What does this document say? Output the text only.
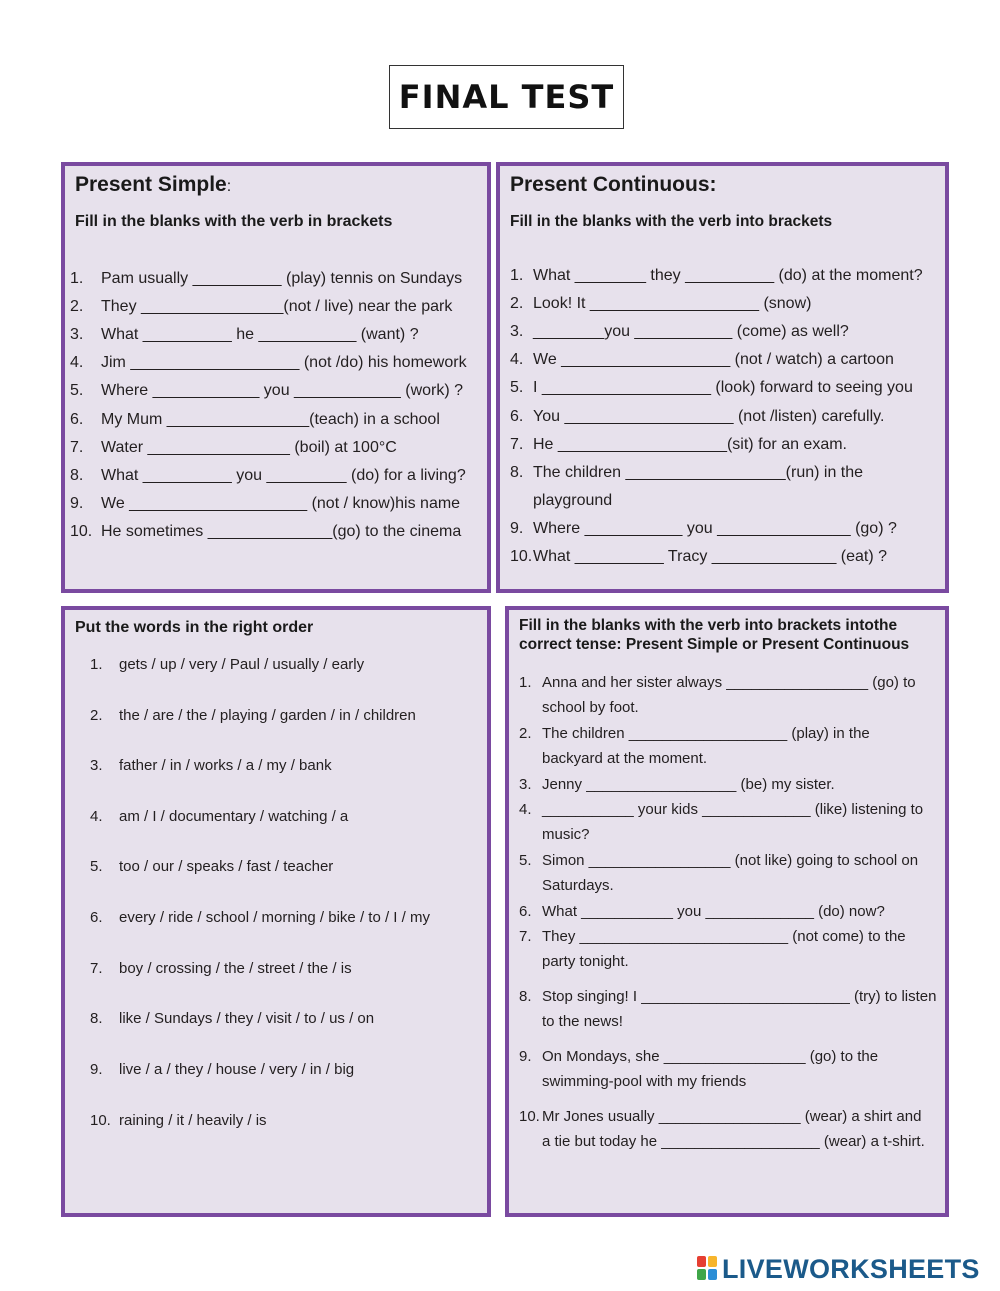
FINAL TEST
Present Simple:
Fill in the blanks with the verb in brackets
1. Pam usually __________ (play) tennis on Sundays
2. They ________________(not / live) near the park
3. What __________ he ___________ (want) ?
4. Jim ___________________ (not /do) his homework
5. Where ____________ you ____________ (work) ?
6. My Mum ________________(teach) in a school
7. Water ________________ (boil) at 100°C
8. What __________ you _________ (do) for a living?
9. We ____________________ (not / know)his name
10. He sometimes ______________(go) to the cinema
Present Continuous:
Fill in the blanks with the verb into brackets
1. What ________ they __________ (do) at the moment?
2. Look! It ___________________ (snow)
3. ________you ___________ (come) as well?
4. We ___________________ (not / watch) a cartoon
5. I ___________________ (look) forward to seeing you
6. You ___________________ (not /listen) carefully.
7. He ___________________(sit) for an exam.
8. The children __________________(run) in the
playground
9. Where ___________ you _______________ (go) ?
10. What __________ Tracy ______________ (eat) ?
Put the words in the right order
1. gets / up / very / Paul / usually / early
2. the / are / the / playing / garden / in / children
3. father / in / works / a / my / bank
4. am / I / documentary / watching / a
5. too / our / speaks / fast / teacher
6. every / ride / school / morning / bike / to / I / my
7. boy / crossing / the / street / the / is
8. like / Sundays / they / visit / to / us / on
9. live / a / they / house / very / in / big
10. raining / it / heavily / is
Fill in the blanks with the verb into brackets intothe
correct tense: Present Simple or Present Continuous
1. Anna and her sister always _________________ (go) to
school by foot.
2. The children ___________________ (play) in the
backyard at the moment.
3. Jenny __________________ (be) my sister.
4. ___________ your kids _____________ (like) listening to
music?
5. Simon _________________ (not like) going to school on
Saturdays.
6. What ___________ you _____________ (do) now?
7. They _________________________ (not come) to the
party tonight.
8. Stop singing! I _________________________ (try) to listen
to the news!
9. On Mondays, she _________________ (go) to the
swimming-pool with my friends
10. Mr Jones usually _________________ (wear) a shirt and
a tie but today he ___________________ (wear) a t-shirt.
LIVEWORKSHEETS
